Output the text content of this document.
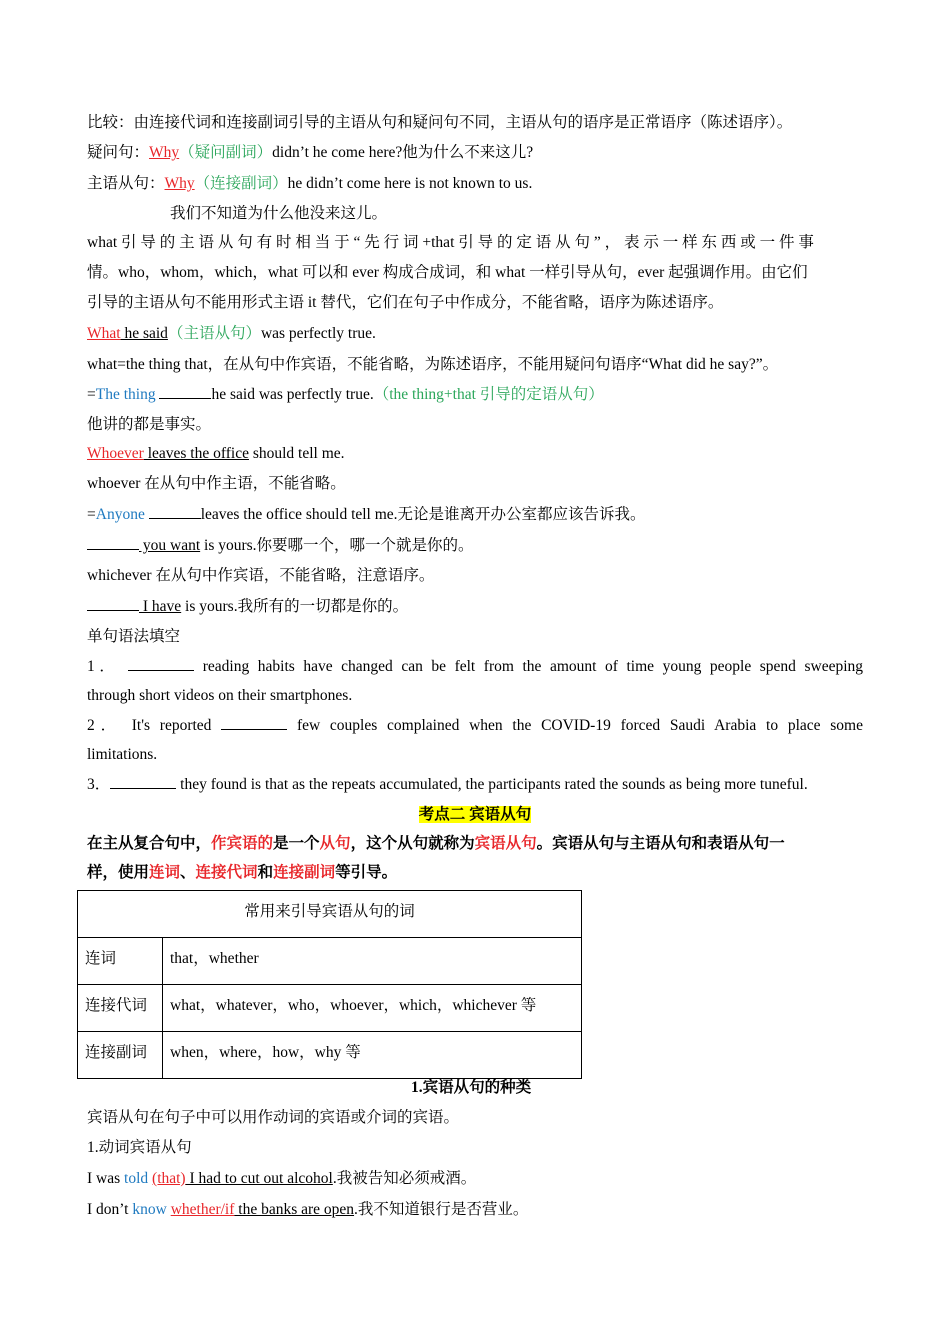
比较：由连接代词和连接副词引导的主语从句和疑问句不同，主语从句的语序是正常语序（陈述语序）。
疑问句：Why（疑问副词）didn’t he come here?他为什么不来这儿?
主语从句：Why（连接副词）he didn’t come here is not known to us.
我们不知道为什么他没来这儿。
what 引 导 的 主 语 从 句 有 时 相 当 于 “ 先 行 词 +that 引 导 的 定 语 从 句 ” ， 表 示 一 样 东 西 或 一 件 事
情。who，whom，which，what 可以和 ever 构成合成词，和 what 一样引导从句，ever 起强调作用。由它们
引导的主语从句不能用形式主语 it 替代，它们在句子中作成分，不能省略，语序为陈述语序。
What he said（主语从句）was perfectly true.
what=the thing that，在从句中作宾语，不能省略，为陈述语序，不能用疑问句语序“What did he say?”。
=The thing	he said was perfectly true.（the thing+that 引导的定语从句）
他讲的都是事实。
Whoever leaves the office should tell me.
whoever 在从句中作主语，不能省略。
=Anyone	leaves the office should tell me.无论是谁离开办公室都应该告诉我。
you want is yours.你要哪一个，哪一个就是你的。
whichever 在从句中作宾语，不能省略，注意语序。
I have is yours.我所有的一切都是你的。
单句语法填空
1．	reading habits have changed can be felt from the amount of time young people spend sweeping
through short videos on their smartphones.
2． It's reported	few couples complained when the COVID-19 forced Saudi Arabia to place some
limitations.
3．	they found is that as the repeats accumulated, the participants rated the sounds as being more tuneful.
考点二 宾语从句
在主从复合句中，作宾语的是一个从句，这个从句就称为宾语从句。宾语从句与主语从句和表语从句一
样，使用连词、连接代词和连接副词等引导。
常用来引导宾语从句的词	
连词	that，whether
连接代词	what，whatever，who，whoever，which，whichever 等
连接副词	when，where，how，why 等
1.宾语从句的种类
宾语从句在句子中可以用作动词的宾语或介词的宾语。
1.动词宾语从句
I was told (that) I had to cut out alcohol.我被告知必须戒酒。
I don’t know whether/if the banks are open.我不知道银行是否营业。
